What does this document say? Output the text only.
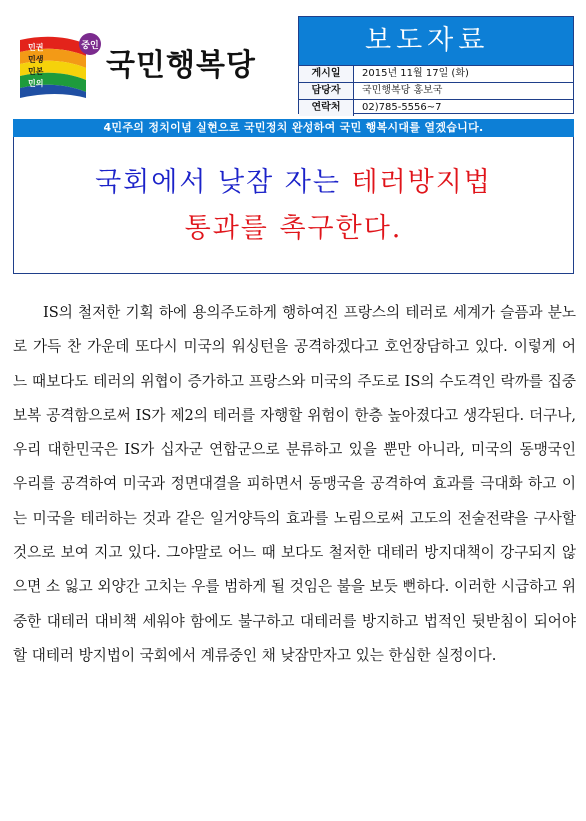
중인
민권
민생
민본
민의
국민행복당
보도자료
게시일	2015년 11월 17일 (화)
담당자	국민행복당 홍보국
연락처	02)785-5556~7
4민주의 정치이념 실현으로 국민정치 완성하여 국민 행복시대를 열겠습니다.
국회에서 낮잠 자는 테러방지법
통과를 촉구한다.

IS의 철저한 기획 하에 용의주도하게 행하여진 프랑스의 테러로 세계가 슬픔과 분노로 가득 찬 가운데 또다시 미국의 워싱턴을 공격하겠다고 호언장담하고 있다. 이렇게 어느 때보다도 테러의 위협이 증가하고 프랑스와 미국의 주도로 IS의 수도격인 락까를 집중 보복 공격함으로써 IS가 제2의 테러를 자행할 위험이 한층 높아졌다고 생각된다. 더구나, 우리 대한민국은 IS가 십자군 연합군으로 분류하고 있을 뿐만 아니라, 미국의 동맹국인 우리를 공격하여 미국과 정면대결을 피하면서 동맹국을 공격하여 효과를 극대화 하고 이는 미국을 테러하는 것과 같은 일거양득의 효과를 노림으로써 고도의 전술전략을 구사할 것으로 보여 지고 있다. 그야말로 어느 때 보다도 철저한 대테러 방지대책이 강구되지 않으면 소 잃고 외양간 고치는 우를 범하게 될 것임은 불을 보듯 뻔하다. 이러한 시급하고 위중한 대테러 대비책 세워야 함에도 불구하고 대테러를 방지하고 법적인 뒷받침이 되어야할 대테러 방지법이 국회에서 계류중인 채 낮잠만자고 있는 한심한 실정이다.
